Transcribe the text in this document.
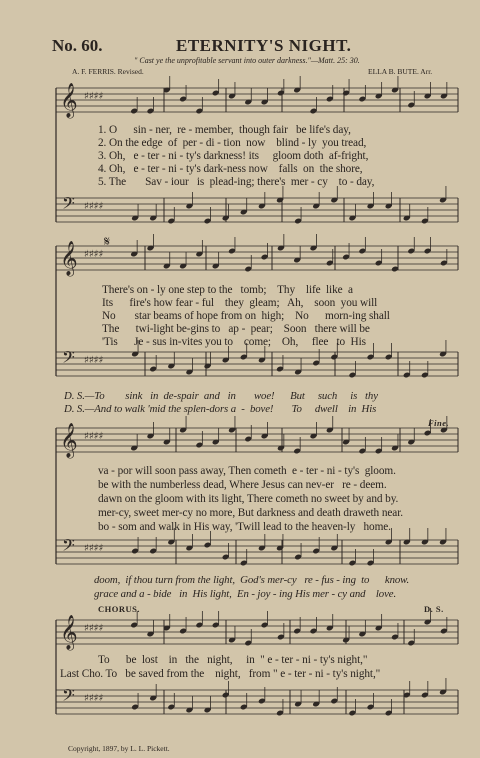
No. 60.	ETERNITY'S NIGHT.
" Cast ye the unprofitable servant into outer darkness."—Matt. 25: 30.
A. F. FERRIS. Revised.	ELLA B. BUTE. Arr.
𝄞
𝄢
♯♯♯♯
♯♯♯♯
𝄞
𝄢
♯♯♯♯
♯♯♯♯
𝄞
𝄢
♯♯♯♯
♯♯♯♯
𝄞
𝄢
♯♯♯♯
♯♯♯♯
𝄋
1. O      sin - ner,  re - member,  though fair   be life's day,
2. On the edge  of  per - di - tion  now    blind - ly  you tread,
3. Oh,   e - ter - ni - ty's darkness! its     gloom doth  af-fright,
4. Oh,   e - ter - ni - ty's dark-ness now    falls  on  the shore,
5. The       Sav - iour   is  plead-ing; there's  mer - cy    to - day,
There's on - ly one step to the   tomb;    Thy    life  like  a
Its      fire's how fear - ful    they  gleam;   Ah,    soon  you will
No       star beams of hope from on  high;    No      morn-ing shall
The      twi-light be-gins to   ap -  pear;    Soon   there will be
'Tis      Je - sus in-vites you to    come;    Oh,     flee   to  His
D. S.—To        sink   in  de-spair  and   in       woe!      But     such     is   thy
D. S.—And to walk 'mid the splen-dors a  -  bove!       To     dwell    in  His
Fine.
va - por will soon pass away, Then cometh  e - ter - ni - ty's  gloom.
be with the numberless dead, Where Jesus can nev-er   re - deem.
dawn on the gloom with its light, There cometh no sweet by and by.
mer-cy, sweet mer-cy no more, But darkness and death draweth near.
bo - som and walk in His way, 'Twill lead to the heaven-ly   home.
doom,  if thou turn from the light,  God's mer-cy   re - fus - ing  to      know.
grace and a - bide   in  His light,  En - joy - ing His mer - cy and    love.
CHORUS.	D. S.
To      be  lost    in   the   night,     in  " e - ter - ni - ty's night,"
Last Cho. To   be saved from the    night,   from " e - ter - ni - ty's night,"
Copyright, 1897, by L. L. Pickett.
